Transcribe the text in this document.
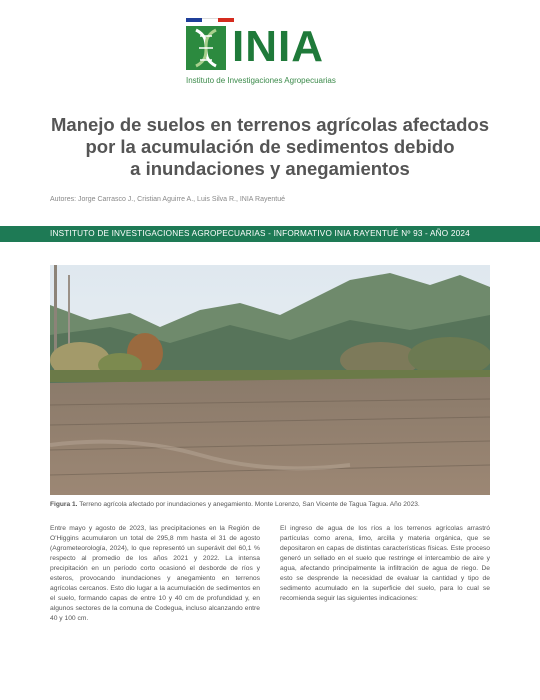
INIA
Instituto de Investigaciones Agropecuarias
Manejo de suelos en terrenos agrícolas afectados
por la acumulación de sedimentos debido
a inundaciones y anegamientos
Autores: Jorge Carrasco J., Cristian Aguirre A., Luis Silva R., INIA Rayentué
INSTITUTO DE INVESTIGACIONES AGROPECUARIAS - INFORMATIVO INIA RAYENTUÉ Nº 93 - AÑO 2024
Figura 1. Terreno agrícola afectado por inundaciones y anegamiento. Monte Lorenzo, San Vicente de Tagua Tagua. Año 2023.

Entre mayo y agosto de 2023, las precipitaciones en la Región de O'Higgins acumularon un total de 295,8 mm hasta el 31 de agosto (Agrometeorología, 2024), lo que representó un superávit del 60,1 % respecto al promedio de los años 2021 y 2022. La intensa precipitación en un período corto ocasionó el desborde de ríos y esteros, provocando inundaciones y anegamiento en terrenos agrícolas cercanos. Esto dio lugar a la acumulación de sedimentos en el suelo, formando capas de entre 10 y 40 cm de profundidad y, en algunos sectores de la comuna de Codegua, incluso alcanzando entre 40 y 100 cm.

El ingreso de agua de los ríos a los terrenos agrícolas arrastró partículas como arena, limo, arcilla y materia orgánica, que se depositaron en capas de distintas características físicas. Este proceso generó un sellado en el suelo que restringe el intercambio de aire y agua, afectando principalmente la infiltración de agua de riego. De esto se desprende la necesidad de evaluar la cantidad y tipo de sedimento acumulado en la superficie del suelo, para lo cual se recomienda seguir las siguientes indicaciones:
